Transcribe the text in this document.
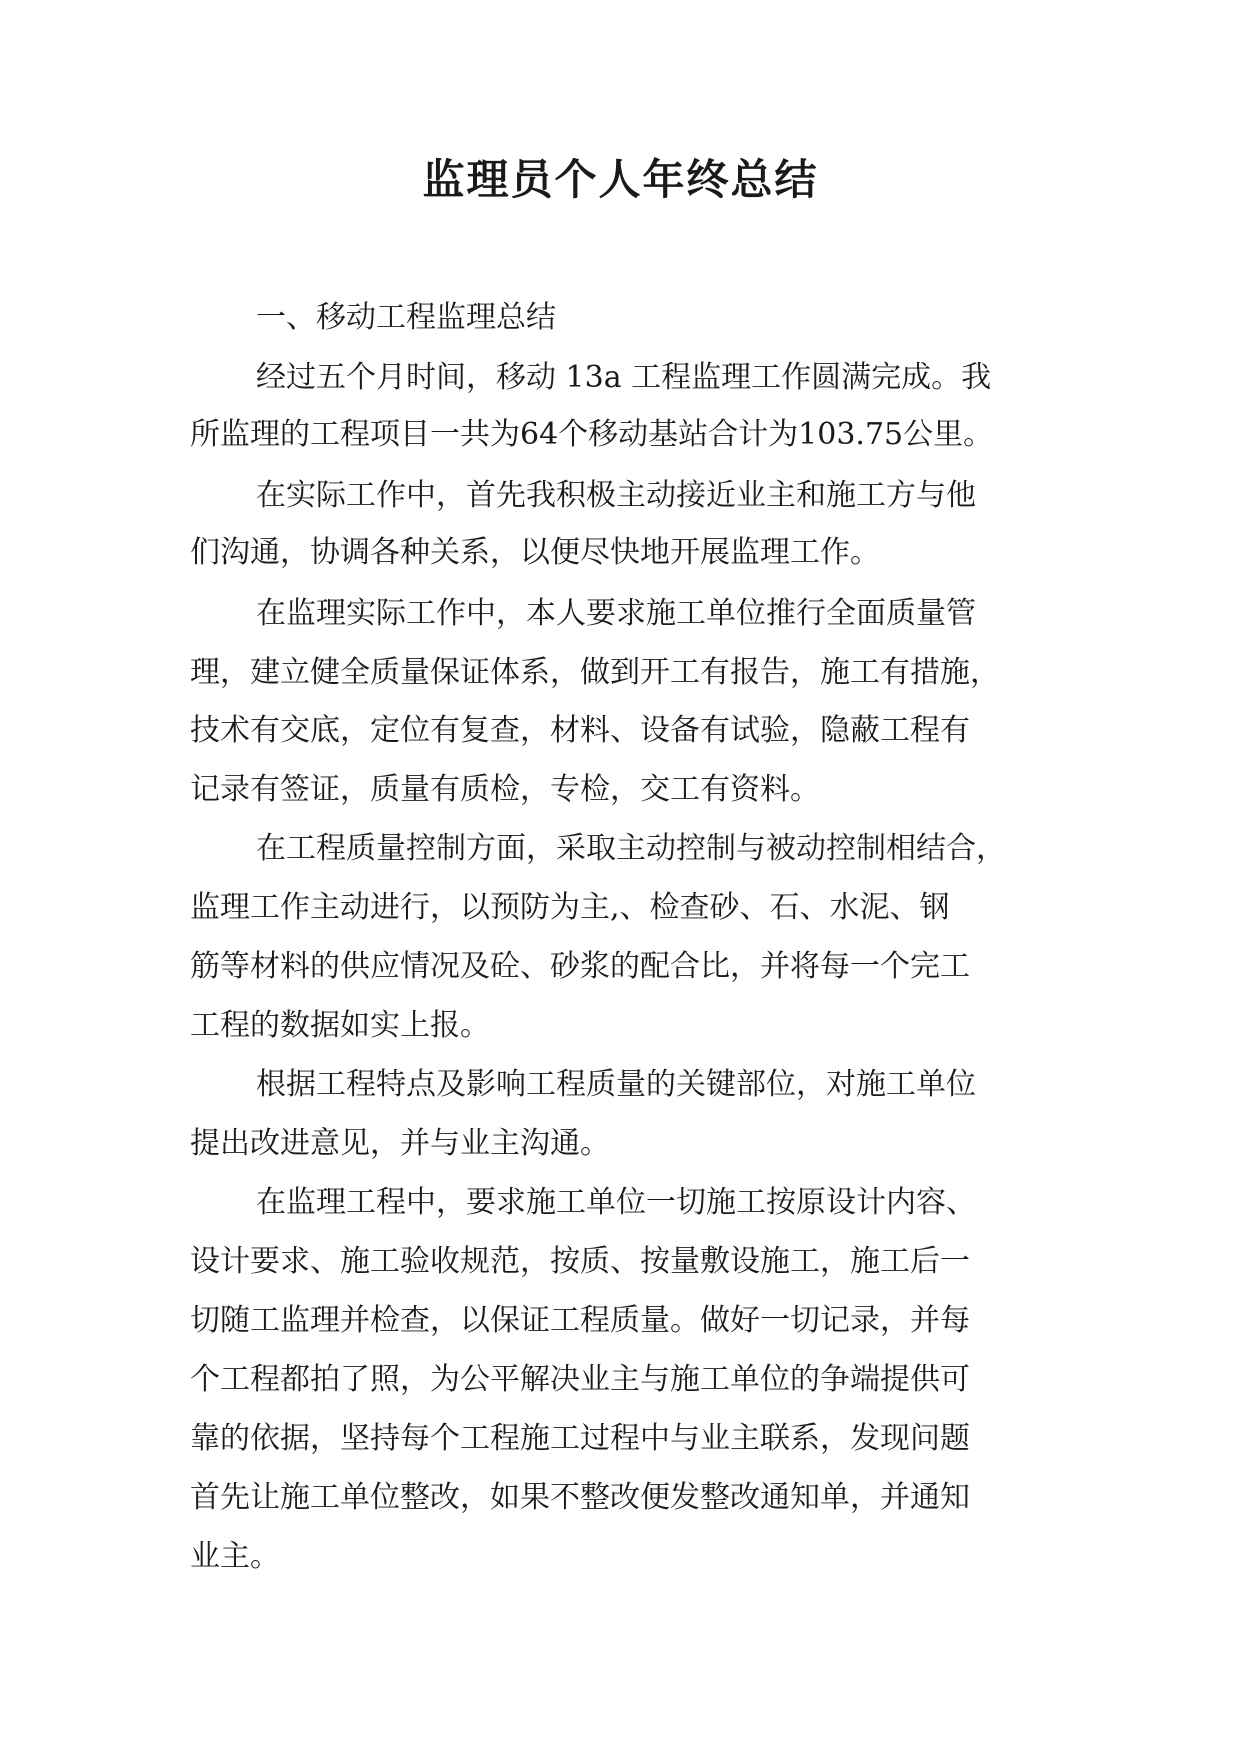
监理员个人年终总结

一、移动工程监理总结

经过五个月时间，移动 13a 工程监理工作圆满完成。我

所监理的工程项目一共为64个移动基站合计为103.75公里。

在实际工作中，首先我积极主动接近业主和施工方与他

们沟通，协调各种关系，以便尽快地开展监理工作。

在监理实际工作中，本人要求施工单位推行全面质量管

理，建立健全质量保证体系，做到开工有报告，施工有措施，

技术有交底，定位有复查，材料、设备有试验，隐蔽工程有

记录有签证，质量有质检，专检，交工有资料。

在工程质量控制方面，采取主动控制与被动控制相结合，

监理工作主动进行，以预防为主,、检查砂、石、水泥、钢

筋等材料的供应情况及砼、砂浆的配合比，并将每一个完工

工程的数据如实上报。

根据工程特点及影响工程质量的关键部位，对施工单位

提出改进意见，并与业主沟通。

在监理工程中，要求施工单位一切施工按原设计内容、

设计要求、施工验收规范，按质、按量敷设施工，施工后一

切随工监理并检查，以保证工程质量。做好一切记录，并每

个工程都拍了照，为公平解决业主与施工单位的争端提供可

靠的依据，坚持每个工程施工过程中与业主联系，发现问题

首先让施工单位整改，如果不整改便发整改通知单，并通知

业主。
